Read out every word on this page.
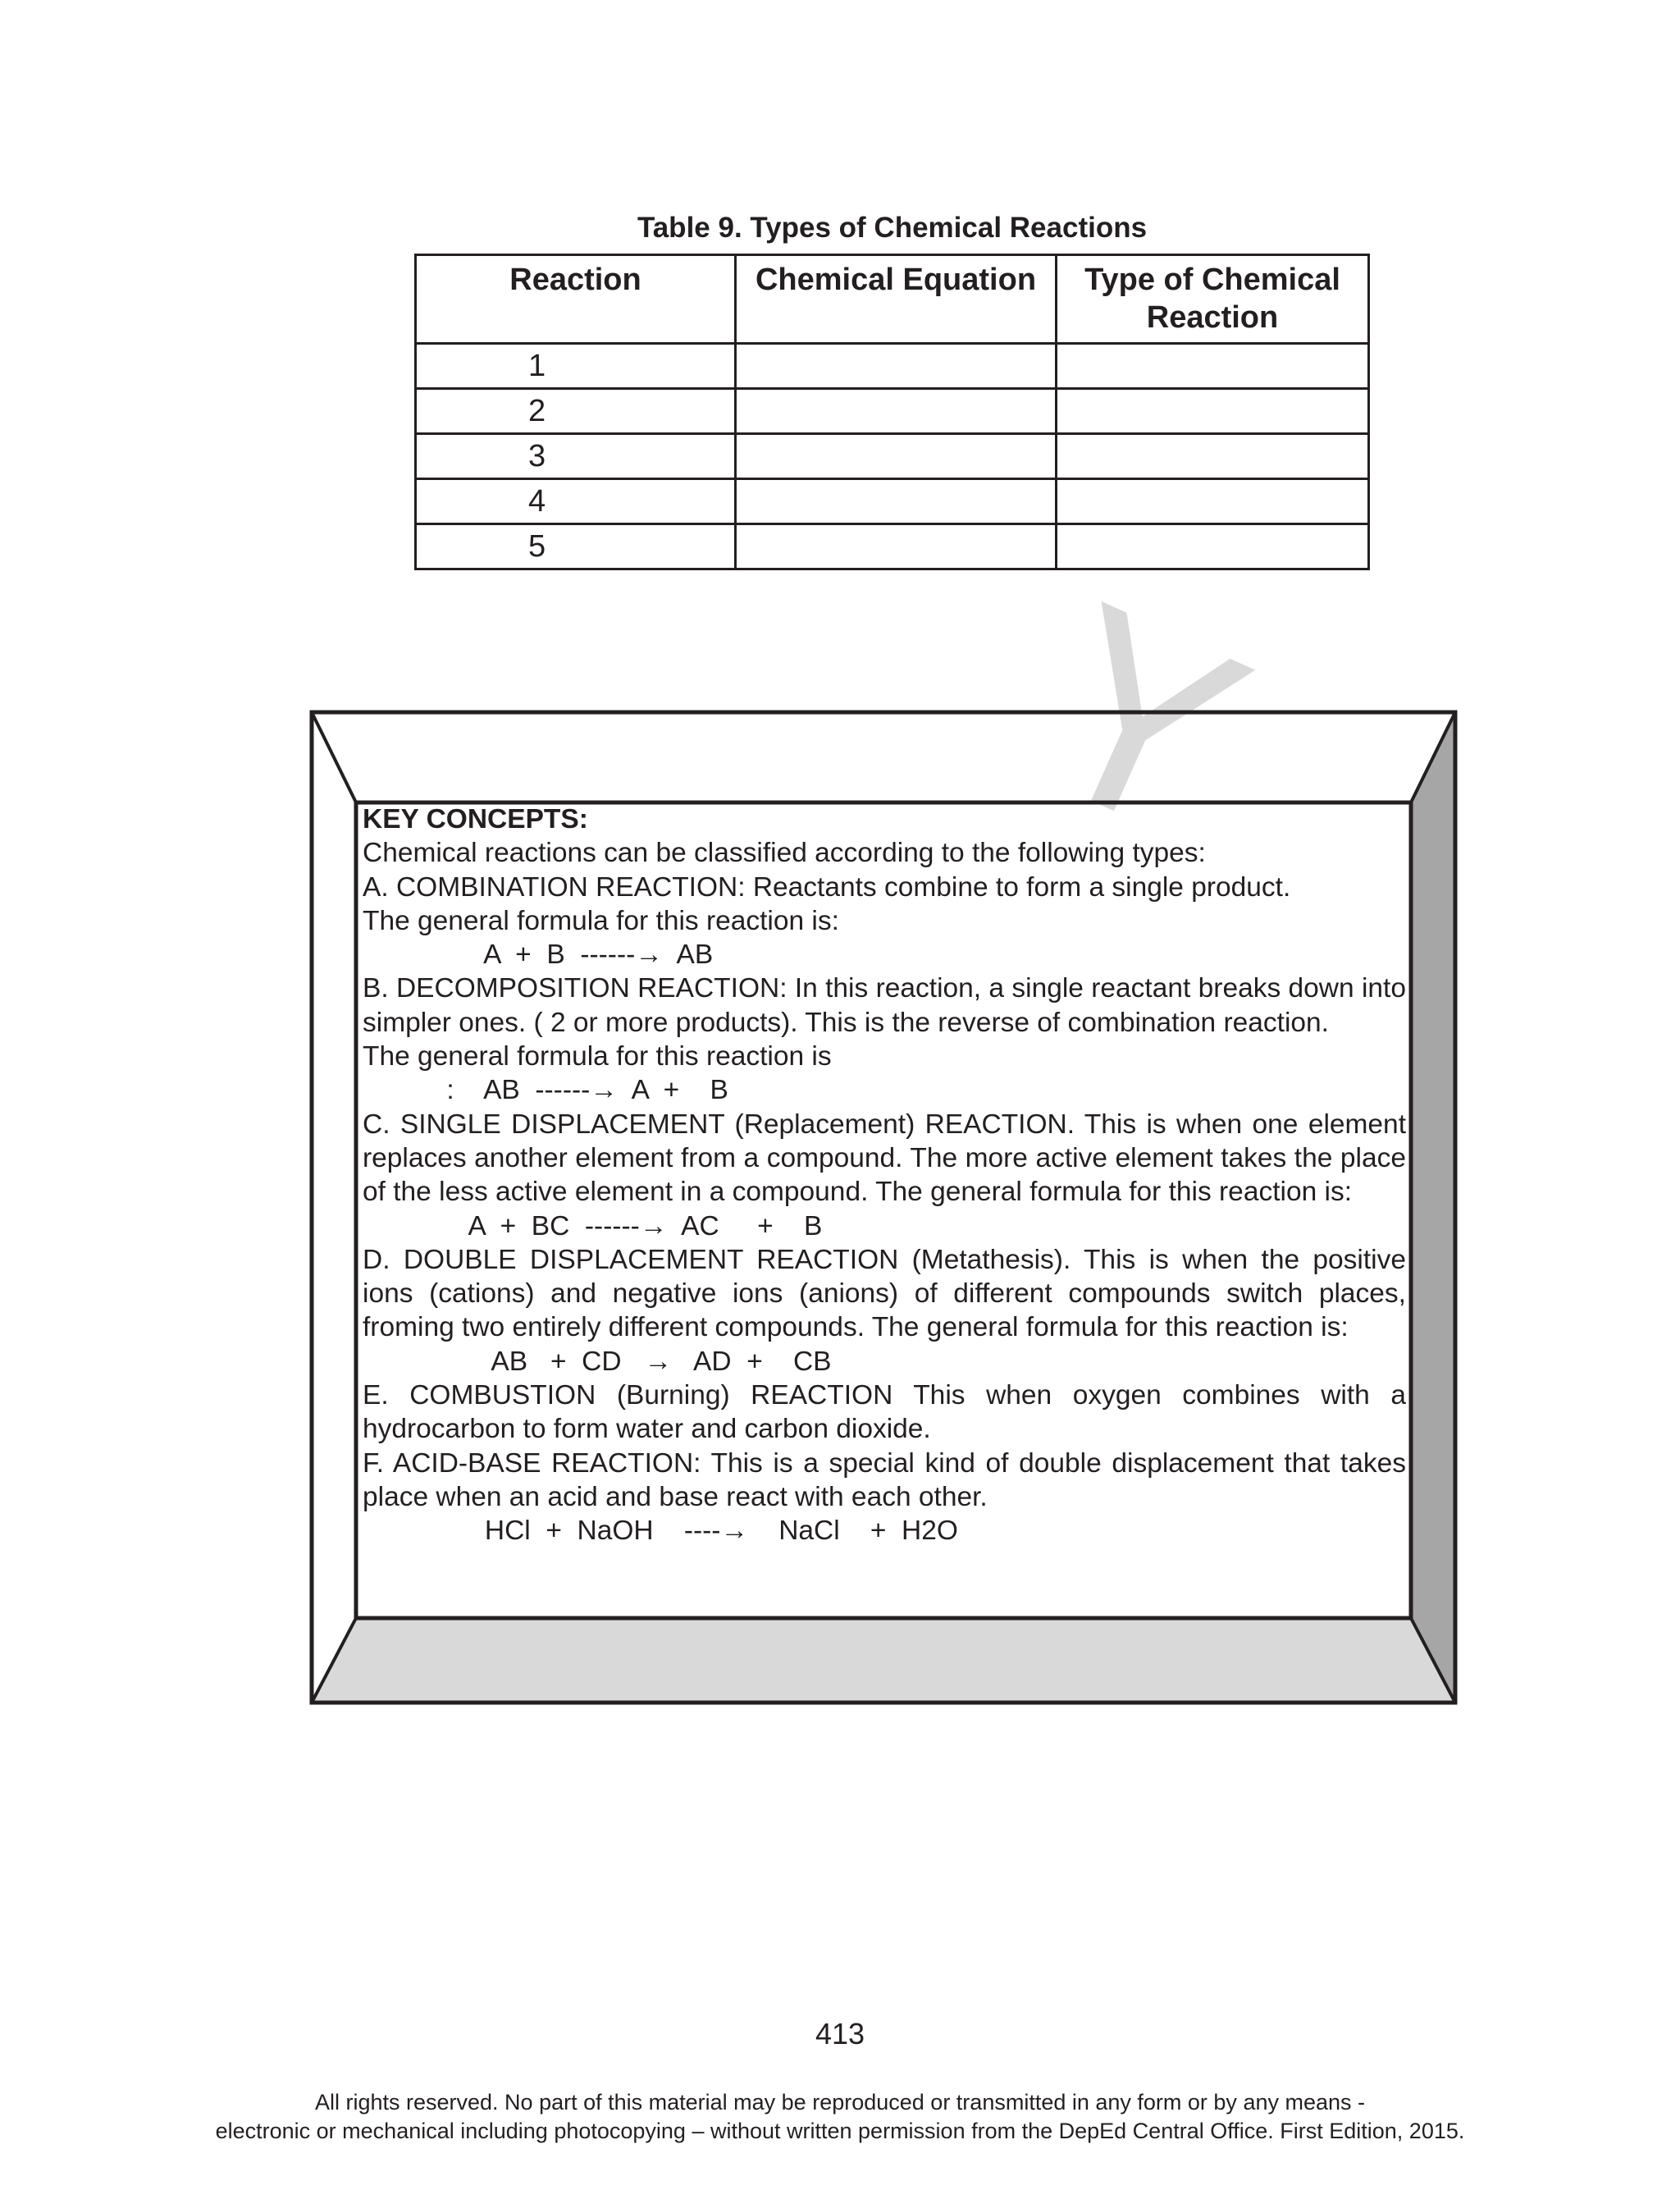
Y
Table 9. Types of Chemical Reactions
Reaction	Chemical Equation	Type of Chemical Reaction
1		
2		
3		
4		
5		

KEY CONCEPTS:

Chemical reactions can be classified according to the following types:

A. COMBINATION REACTION: Reactants combine to form a single product.

The general formula for this reaction is:

A  +  B  ------→  AB

B. DECOMPOSITION REACTION: In this reaction, a single reactant breaks down into simpler ones. ( 2 or more products). This is the reverse of combination reaction.

The general formula for this reaction is

:    AB  ------→  A  +    B

C. SINGLE DISPLACEMENT (Replacement) REACTION. This is when one element replaces another element from a compound. The more active element takes the place of the less active element in a compound. The general formula for this reaction is:

A  +  BC  ------→  AC     +    B

D. DOUBLE DISPLACEMENT REACTION (Metathesis). This is when the positive ions (cations) and negative ions (anions) of different compounds switch places, froming two entirely different compounds. The general formula for this reaction is:

AB   +  CD   →   AD  +    CB

E. COMBUSTION (Burning) REACTION This when oxygen combines with a hydrocarbon to form water and carbon dioxide.

F. ACID-BASE REACTION: This is a special kind of double displacement that takes place when an acid and base react with each other.

HCl  +  NaOH    ----→    NaCl    +  H2O

413
All rights reserved. No part of this material may be reproduced or transmitted in any form or by any means -
electronic or mechanical including photocopying – without written permission from the DepEd Central Office. First Edition, 2015.
